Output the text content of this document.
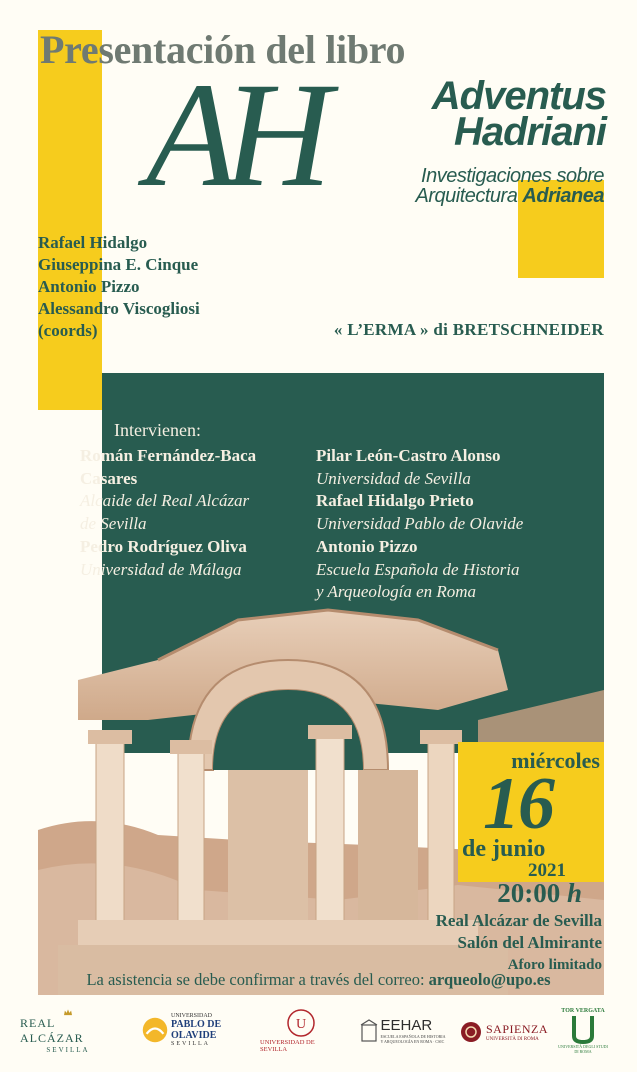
Presentación del libro
AH	Adventus
Hadriani
Investigaciones sobre
Arquitectura Adrianea
Rafael Hidalgo
Giuseppina E. Cinque
Antonio Pizzo
Alessandro Viscogliosi
(coords)	« L’ERMA » di BRETSCHNEIDER
Intervienen:
Román Fernández-Baca
Casares
Alcaide del Real Alcázar
de Sevilla
Pedro Rodríguez Oliva
Universidad de Málaga
Pilar León-Castro Alonso
Universidad de Sevilla
Rafael Hidalgo Prieto
Universidad Pablo de Olavide
Antonio Pizzo
Escuela Española de Historia
y Arqueología en Roma
miércoles
16
de junio
2021
20:00 h
Real Alcázar de Sevilla
Salón del Almirante
Aforo limitado
La asistencia se debe confirmar a través del correo: arqueolo@upo.es
REAL ALCÁZAR
SEVILLA
UNIVERSIDAD
PABLO DE OLAVIDE
SEVILLA
U
UNIVERSIDAD DE SEVILLA
EEHAR
ESCUELA ESPAÑOLA DE HISTORIA Y ARQUEOLOGÍA EN ROMA · CSIC
SAPIENZA
UNIVERSITÀ DI ROMA
TOR VERGATA
UNIVERSITÀ DEGLI STUDI DI ROMA
